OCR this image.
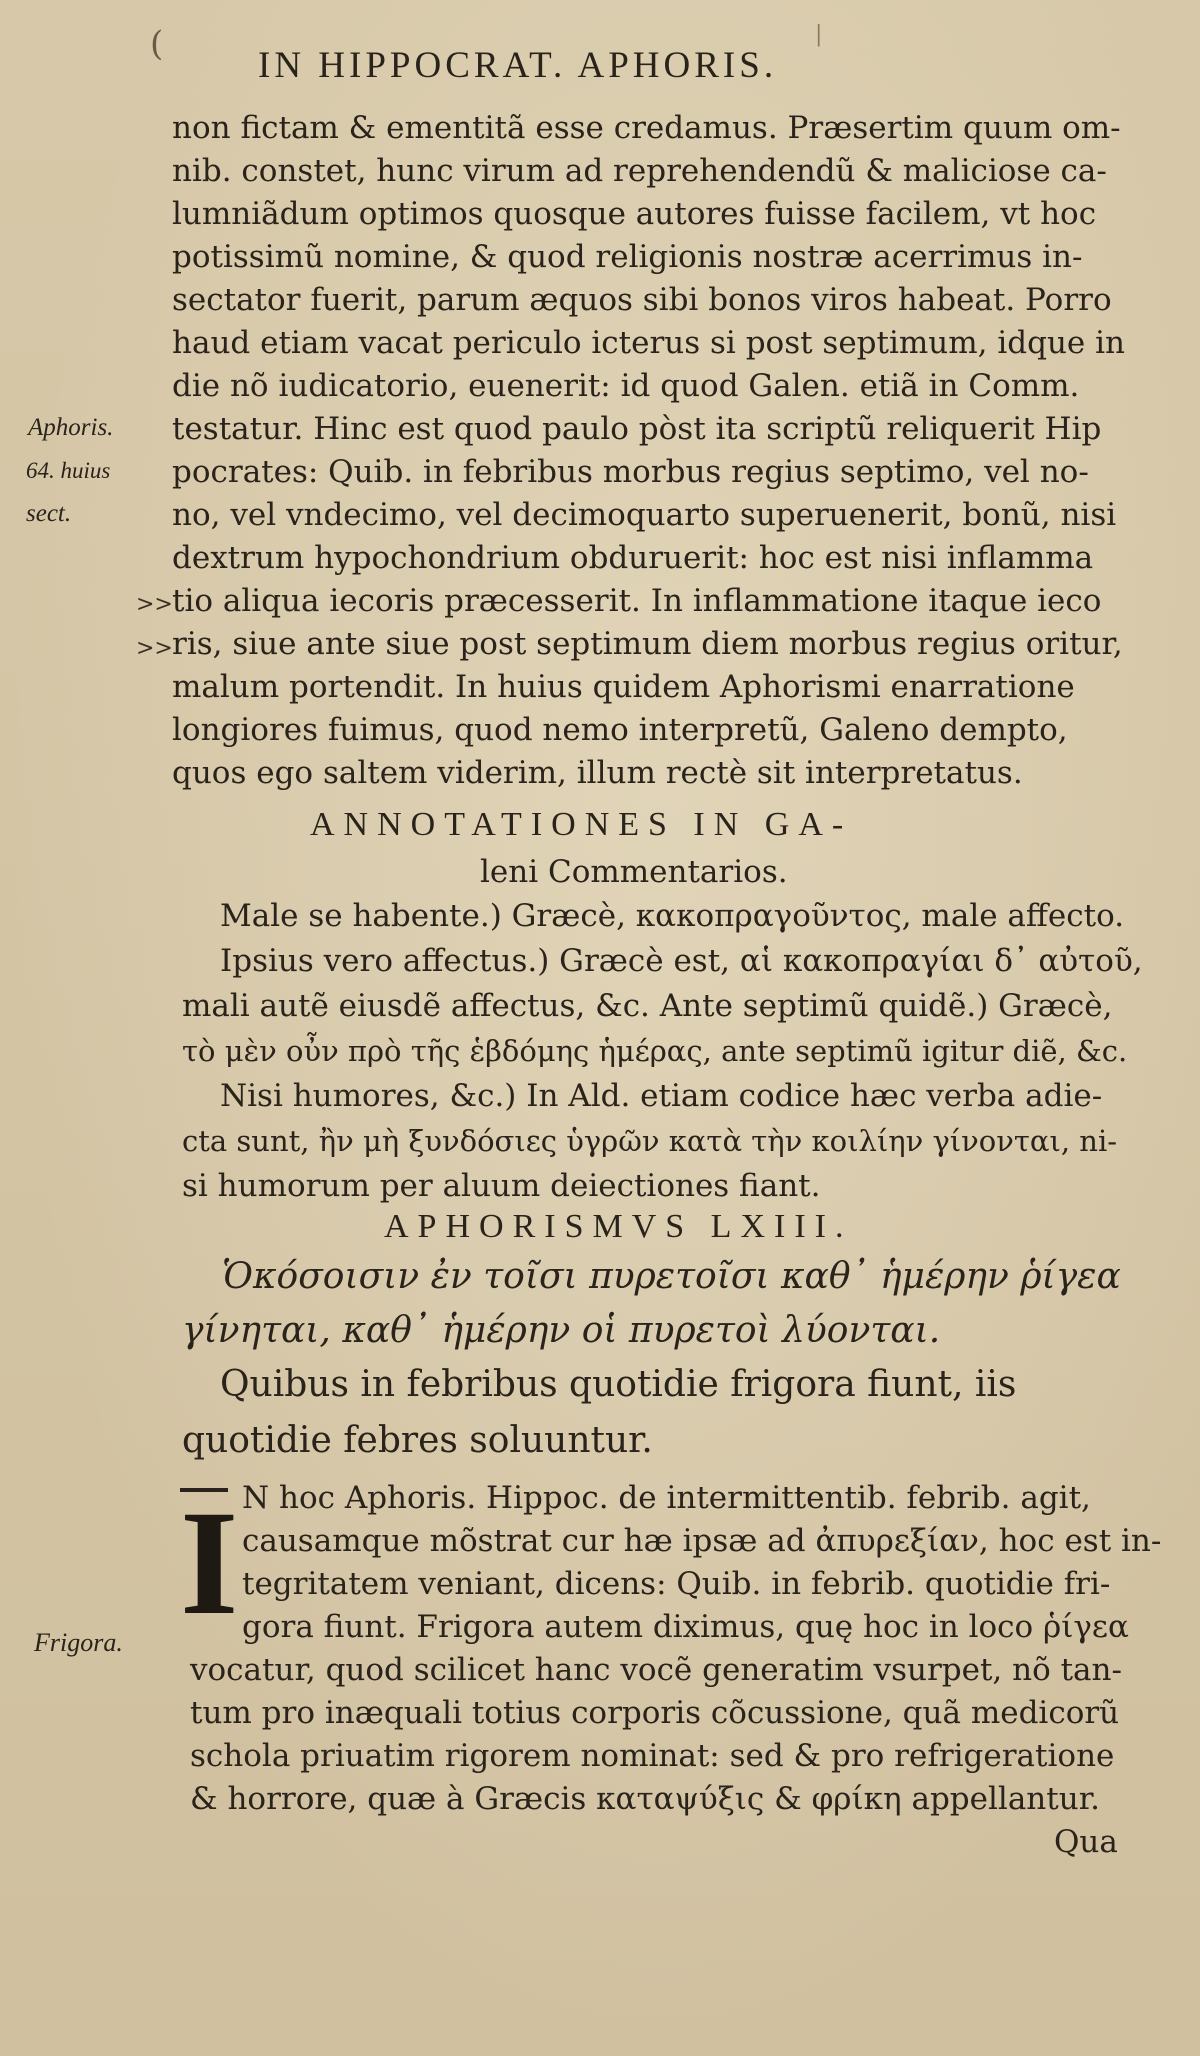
(	|
IN HIPPOCRAT. APHORIS.
non fictam & ementitã esse credamus. Præsertim quum om-
nib. constet, hunc virum ad reprehendendũ & maliciose ca-
lumniãdum optimos quosque autores fuisse facilem, vt hoc
potissimũ nomine, & quod religionis nostræ acerrimus in-
sectator fuerit, parum æquos sibi bonos viros habeat. Porro
haud etiam vacat periculo icterus si post septimum, idque in
die nõ iudicatorio, euenerit: id quod Galen. etiã in Comm.
testatur. Hinc est quod paulo pòst ita scriptũ reliquerit Hip
pocrates: Quib. in febribus morbus regius septimo, vel no-
no, vel vndecimo, vel decimoquarto superuenerit, bonũ, nisi
dextrum hypochondrium obduruerit: hoc est nisi inflamma
tio aliqua iecoris præcesserit. In inflammatione itaque ieco
ris, siue ante siue post septimum diem morbus regius oritur,
malum portendit. In huius quidem Aphorismi enarratione
longiores fuimus, quod nemo interpretũ, Galeno dempto,
quos ego saltem viderim, illum rectè sit interpretatus.
Aphoris.
64. huius
sect.
>>
>>
ANNOTATIONES IN GA-
leni Commentarios.
Male se habente.) Græcè, κακοπραγοῦντος, male affecto.
Ipsius vero affectus.) Græcè est, αἱ κακοπραγίαι δ᾽ αὐτοῦ,
mali autẽ eiusdẽ affectus, &c. Ante septimũ quidẽ.) Græcè,
τὸ μὲν οὖν πρὸ τῆς ἑβδόμης ἡμέρας, ante septimũ igitur diẽ, &c.
Nisi humores, &c.) In Ald. etiam codice hæc verba adie-
cta sunt, ἢν μὴ ξυνδόσιες ὑγρῶν κατὰ τὴν κοιλίην γίνονται, ni-
si humorum per aluum deiectiones fiant.
APHORISMVS LXIII.
Ὁκόσοισιν ἐν τοῖσι πυρετοῖσι καθ᾽ ἡμέρην ῥίγεα
γίνηται, καθ᾽ ἡμέρην οἱ πυρετοὶ λύονται.
Quibus in febribus quotidie frigora fiunt, iis
quotidie febres soluuntur.
I N hoc Aphoris. Hippoc. de intermittentib. febrib. agit,
causamque mõstrat cur hæ ipsæ ad ἀπυρεξίαν, hoc est in-
tegritatem veniant, dicens: Quib. in febrib. quotidie fri-
gora fiunt. Frigora autem diximus, quę hoc in loco ῥίγεα
vocatur, quod scilicet hanc vocẽ generatim vsurpet, nõ tan-
tum pro inæquali totius corporis cõcussione, quã medicorũ
schola priuatim rigorem nominat: sed & pro refrigeratione
& horrore, quæ à Græcis καταψύξις & φρίκη appellantur.
Frigora.
Qua
